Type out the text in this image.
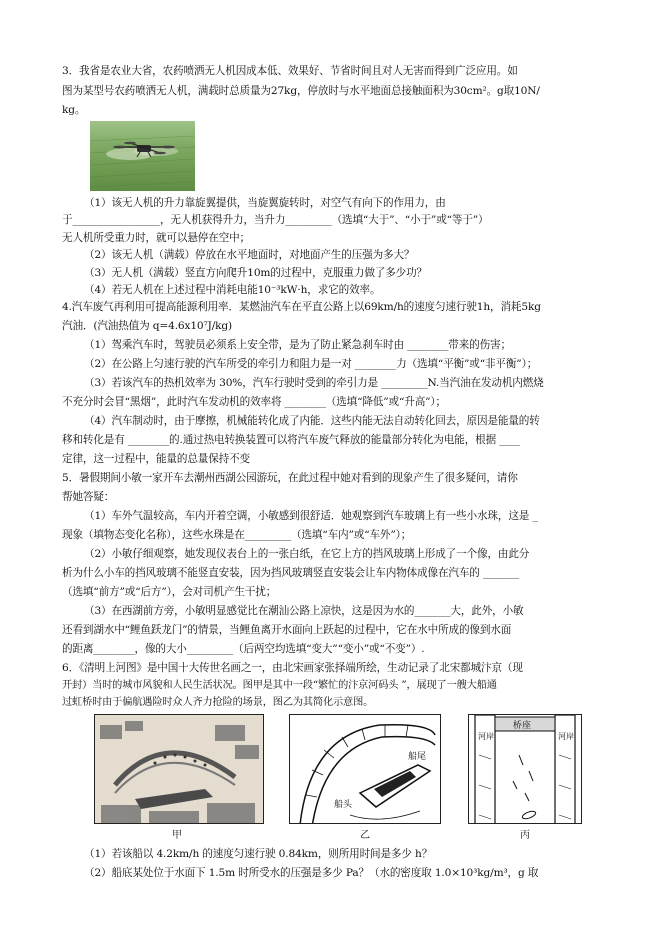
3．我省是农业大省，农药喷洒无人机因成本低、效果好、节省时间且对人无害而得到广泛应用。如
图为某型号农药喷洒无人机，满载时总质量为27kg，停放时与水平地面总接触面积为30cm²。g取10N/
kg。
（1）该无人机的升力靠旋翼提供，当旋翼旋转时，对空气有向下的作用力，由
于_________________，无人机获得升力，当升力_________（选填“大于”、“小于”或“等于”）
无人机所受重力时，就可以悬停在空中；
（2）该无人机（满载）停放在水平地面时，对地面产生的压强为多大？
（3）无人机（满载）竖直方向爬升10m的过程中，克服重力做了多少功？
（4）若无人机在上述过程中消耗电能10⁻³kW·h，求它的效率。
4.汽车废气再利用可提高能源利用率．某燃油汽车在平直公路上以69km/h的速度匀速行驶1h，消耗5kg
汽油．(汽油热值为 q=4.6x10⁷J/kg)
（1）驾乘汽车时，驾驶员必须系上安全带，是为了防止紧急刹车时由 ________带来的伤害；
（2）在公路上匀速行驶的汽车所受的牵引力和阻力是一对 ________力（选填“平衡”或“非平衡”）；
（3）若该汽车的热机效率为 30%，汽车行驶时受到的牵引力是 _________N.当汽油在发动机内燃烧
不充分时会冒“黑烟”，此时汽车发动机的效率将 ________（选填“降低”或“升高”）；
（4）汽车制动时，由于摩擦，机械能转化成了内能．这些内能无法自动转化回去，原因是能量的转
移和转化是有 ________的.通过热电转换装置可以将汽车废气释放的能量部分转化为电能，根据 ____
定律，这一过程中，能量的总量保持不变
5．暑假期间小敏一家开车去潮州西湖公园游玩，在此过程中她对看到的现象产生了很多疑问，请你
帮她答疑：
（1）车外气温较高，车内开着空调，小敏感到很舒适．她观察到汽车玻璃上有一些小水珠，这是 _
现象（填物态变化名称），这些水珠是在_________（选填“车内”或“车外”）；
（2）小敏仔细观察，她发现仪表台上的一张白纸，在它上方的挡风玻璃上形成了一个像，由此分
析为什么小车的挡风玻璃不能竖直安装，因为挡风玻璃竖直安装会让车内物体成像在汽车的 _______
（选填“前方”或“后方”），会对司机产生干扰；
（3）在西湖前方旁，小敏明显感觉比在潮汕公路上凉快，这是因为水的_______大，此外，小敏
还看到湖水中“鲤鱼跃龙门”的情景，当鲤鱼离开水面向上跃起的过程中，它在水中所成的像到水面
的距离________，像的大小_________（后两空均选填“变大”“变小”或“不变”）.
6．《清明上河图》是中国十大传世名画之一，由北宋画家张择端所绘，生动记录了北宋都城汴京（现
船尾
船头
桥座
河岸	河岸
甲	乙	丙
（1）若该船以 4.2km/h 的速度匀速行驶 0.84km，则所用时间是多少 h？
（2）船底某处位于水面下 1.5m 时所受水的压强是多少 Pa？（水的密度取 1.0×10³kg/m³，g 取
开封）当时的城市风貌和人民生活状况。图甲是其中一段“繁忙的汴京河码头 ”，展现了一艘大船通
过虹桥时由于偏航遇险时众人齐力抢险的场景，图乙为其简化示意图。
